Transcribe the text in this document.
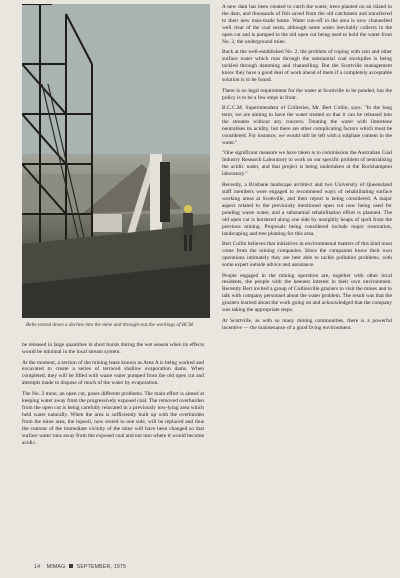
Belts extend down a decline into the mine and through-out the workings of BCM.

be released in large quantities in short bursts during the wet season when its effects would be minimal in the local stream system.

At the moment, a section of the mining lease known as Area A is being worked and excavated to create a series of terraced shallow evaporation dams. When completed, they will be filled with waste water pumped from the old open cut and attempts made to dispose of much of the water by evaporation.

The No. 3 mine, an open cut, poses different problems. The main effort is aimed at keeping water away from the progressively exposed coal. The removed overburden from the open cut is being carefully relocated in a previously low-lying area which held water naturally. When the area is sufficiently built up with the overburden from the mine area, the topsoil, now stored to one side, will be replaced and thus the contour of the immediate vicinity of the mine will have been changed so that surface water runs away from the exposed coal and not into where it would become acidic.

A new dam has been created to catch the water, trees planted on an island in the dam, and thousands of fish saved from the old catchment and transferred to their new man-made home. Water run-off in the area is now channelled well clear of the coal seam, although some water inevitably collects in the open cut and is pumped to the old open cut being used to hold the water from No. 2, the underground mine.

Back at the well-established No. 2, the problem of coping with rain and other surface water which runs through the substantial coal stockpiles is being tackled through damming and channelling. But the Scottville management know they have a good deal of work ahead of them if a completely acceptable solution is to be found.

There is no legal requirement for the water at Scottville to be ponded, but the policy is to be a few steps in front.

B.C.C.M. Superintendent of Collieries, Mr. Bert Collin, says: "In the long term, we are aiming to have the water treated so that it can be released into the streams without any concern. Treating the water with limestone neutralises its acidity, but there are other complicating factors which must be considered. For instance, we would still be left with a sulphate content in the water."

"One significant measure we have taken is to commission the Australian Coal Industry Research Laboratory to work on our specific problem of neutralising the acidic water, and that project is being undertaken at the Rockhampton laboratory."

Recently, a Brisbane landscape architect and two University of Queensland staff members were engaged to recommend ways of rehabilitating surface working areas at Scottville, and their report is being considered. A major aspect related to the previously mentioned open cut now being used for ponding waste water, and a substantial rehabilitation effort is planned. The old open cut is bordered along one side by unsightly heaps of spoil from the previous mining. Proposals being considered include major restoration, landscaping and tree planting for this area.

Bert Collin believes that initiatives in environmental matters of this kind must come from the mining companies. Since the companies know their own operations intimately they are best able to tackle pollution problems, with some expert outside advice and assistance.

People engaged in the mining operation are, together with other local residents, the people with the keenest interest in their own environment. Recently Bert invited a group of Collinsville graziers to visit the mines and to talk with company personnel about the water problem. The result was that the graziers learned about the work going on and acknowledged that the company was taking the appropriate steps.

At Scottville, as with so many mining communities, there is a powerful incentive — the maintenance of a good living environment.

14 MIMAG SEPTEMBER, 1975
